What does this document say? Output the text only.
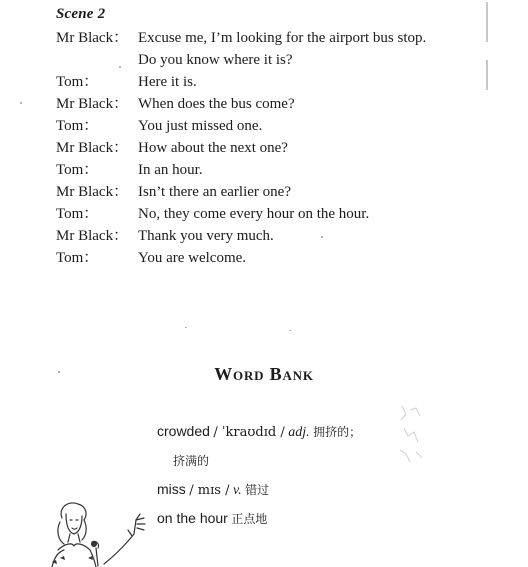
Scene 2
Mr Black： Excuse me, I’m looking for the airport bus stop.
Do you know where it is?
Tom：	Here it is.
Mr Black： When does the bus come?
Tom：	You just missed one.
Mr Black： How about the next one?
Tom：	In an hour.
Mr Black： Isn’t there an earlier one?
Tom：	No, they come every hour on the hour.
Mr Black： Thank you very much.
Tom：	You are welcome.
Word Bank
crowded / ˈkraʊdɪd / adj. 拥挤的；
挤满的
miss / mɪs / v. 错过
on the hour 正点地
